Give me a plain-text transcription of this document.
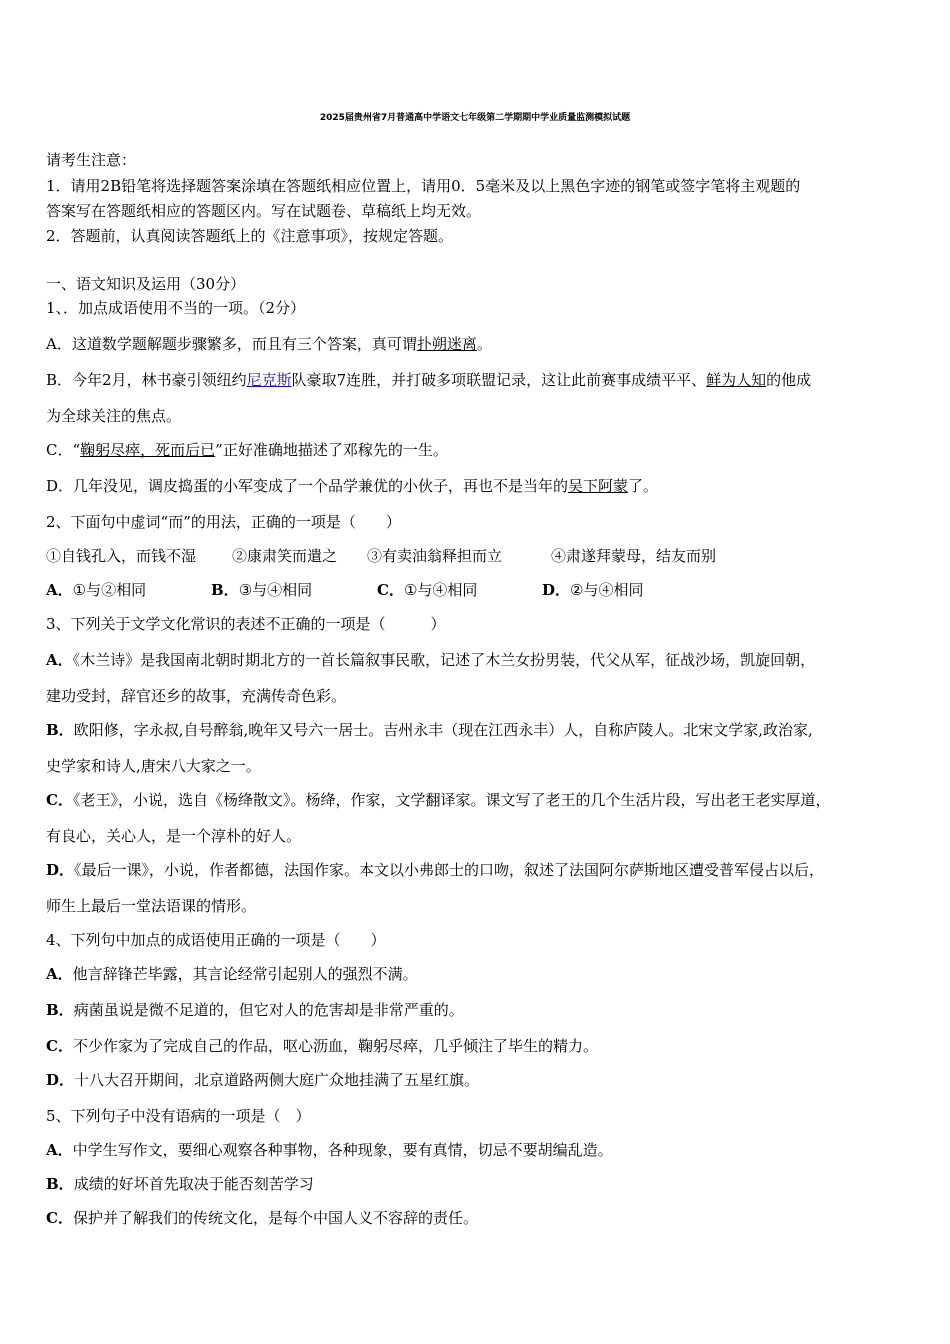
2025届贵州省7月普通高中学语文七年级第二学期期中学业质量监测模拟试题
请考生注意：
1．请用2B铅笔将选择题答案涂填在答题纸相应位置上，请用0．5毫米及以上黑色字迹的钢笔或签字笔将主观题的
答案写在答题纸相应的答题区内。写在试题卷、草稿纸上均无效。
2．答题前，认真阅读答题纸上的《注意事项》，按规定答题。
一、语文知识及运用（30分）
1、．加点成语使用不当的一项。（2分）
A．这道数学题解题步骤繁多，而且有三个答案，真可谓扑朔迷离。
B．今年2月，林书豪引领纽约尼克斯队豪取7连胜，并打破多项联盟记录，这让此前赛事成绩平平、鲜为人知的他成
为全球关注的焦点。
C．“鞠躬尽瘁，死而后已”正好准确地描述了邓稼先的一生。
D．几年没见，调皮捣蛋的小军变成了一个品学兼优的小伙子，再也不是当年的吴下阿蒙了。
2、下面句中虚词“而”的用法，正确的一项是（　　）
①自钱孔入，而钱不湿 ②康肃笑而遣之 ③有卖油翁释担而立	④肃遂拜蒙母，结友而别
A．①与②相同	B．③与④相同	C．①与④相同	D．②与④相同
3、下列关于文学文化常识的表述不正确的一项是（　　　）
A．《木兰诗》是我国南北朝时期北方的一首长篇叙事民歌，记述了木兰女扮男装，代父从军，征战沙场，凯旋回朝，
建功受封，辞官还乡的故事，充满传奇色彩。
B．欧阳修，字永叔,自号醉翁,晚年又号六一居士。吉州永丰（现在江西永丰）人，自称庐陵人。北宋文学家,政治家,
史学家和诗人,唐宋八大家之一。
C．《老王》，小说，选自《杨绛散文》。杨绛，作家，文学翻译家。课文写了老王的几个生活片段，写出老王老实厚道，
有良心，关心人，是一个淳朴的好人。
D．《最后一课》，小说，作者都德，法国作家。本文以小弗郎士的口吻，叙述了法国阿尔萨斯地区遭受普军侵占以后，
师生上最后一堂法语课的情形。
4、下列句中加点的成语使用正确的一项是（　　）
A．他言辞锋芒毕露，其言论经常引起别人的强烈不满。
B．病菌虽说是微不足道的，但它对人的危害却是非常严重的。
C．不少作家为了完成自己的作品，呕心沥血，鞠躬尽瘁，几乎倾注了毕生的精力。
D．十八大召开期间，北京道路两侧大庭广众地挂满了五星红旗。
5、下列句子中没有语病的一项是（　）
A．中学生写作文，要细心观察各种事物，各种现象，要有真情，切忌不要胡编乱造。
B．成绩的好坏首先取决于能否刻苦学习
C．保护并了解我们的传统文化，是每个中国人义不容辞的责任。
